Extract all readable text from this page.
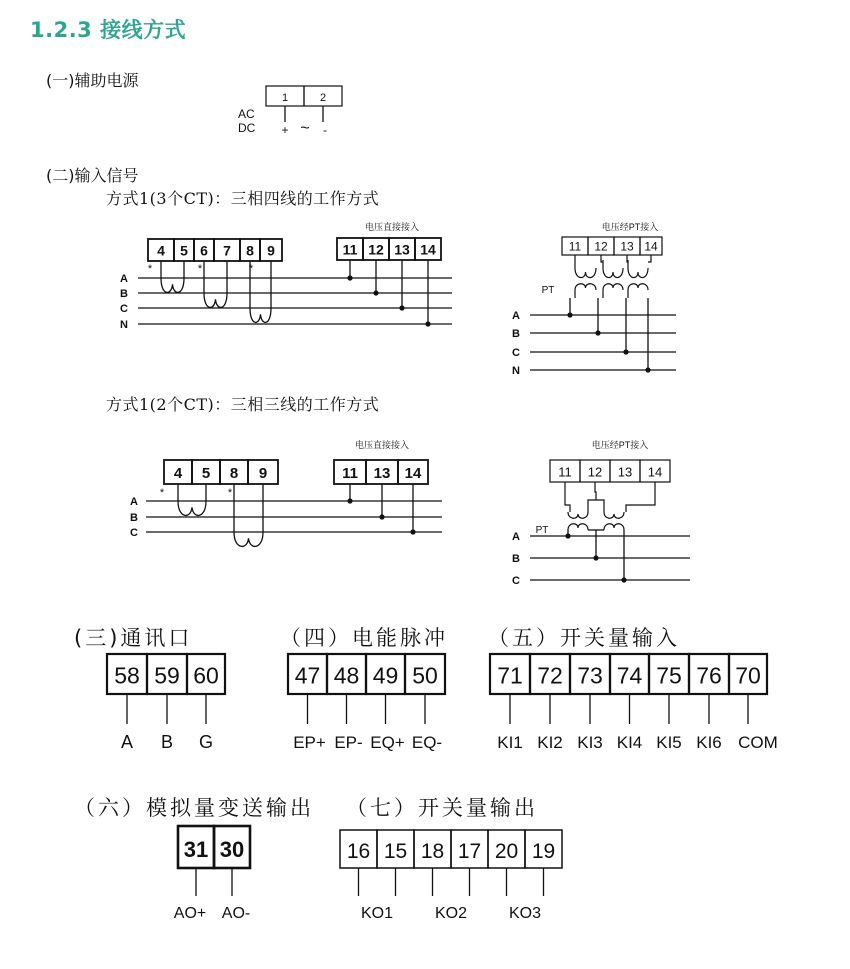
1.2.3 接线方式
(一)辅助电源
(二)输入信号
方式1(3个CT)：三相四线的工作方式
方式1(2个CT)：三相三线的工作方式
(三)通讯口	（四）电能脉冲 （五）开关量输入
（六）模拟量变送输出 （七）开关量输出
1	2
AC
DC + ~ -
A
B
C
N
4 5 6 7 8 9
*	*	*
电压直接接入
11 12 13 14
A
B
C
N
电压经PT接入
11 12 13 14
PT
A
B
C
4 5 8 9
*	*
电压直接接入
11 13 14
A
B
C
电压经PT接入
11 12 13 14
PT
58 59 60
A B G
47 48 49 50
EP+ EP- EQ+ EQ-
71 72 73 74 75 76 70
KI1 KI2 KI3 KI4 KI5 KI6 COM
31 30
AO+ AO-
16 15 18 17 20 19
KO1	KO2	KO3
